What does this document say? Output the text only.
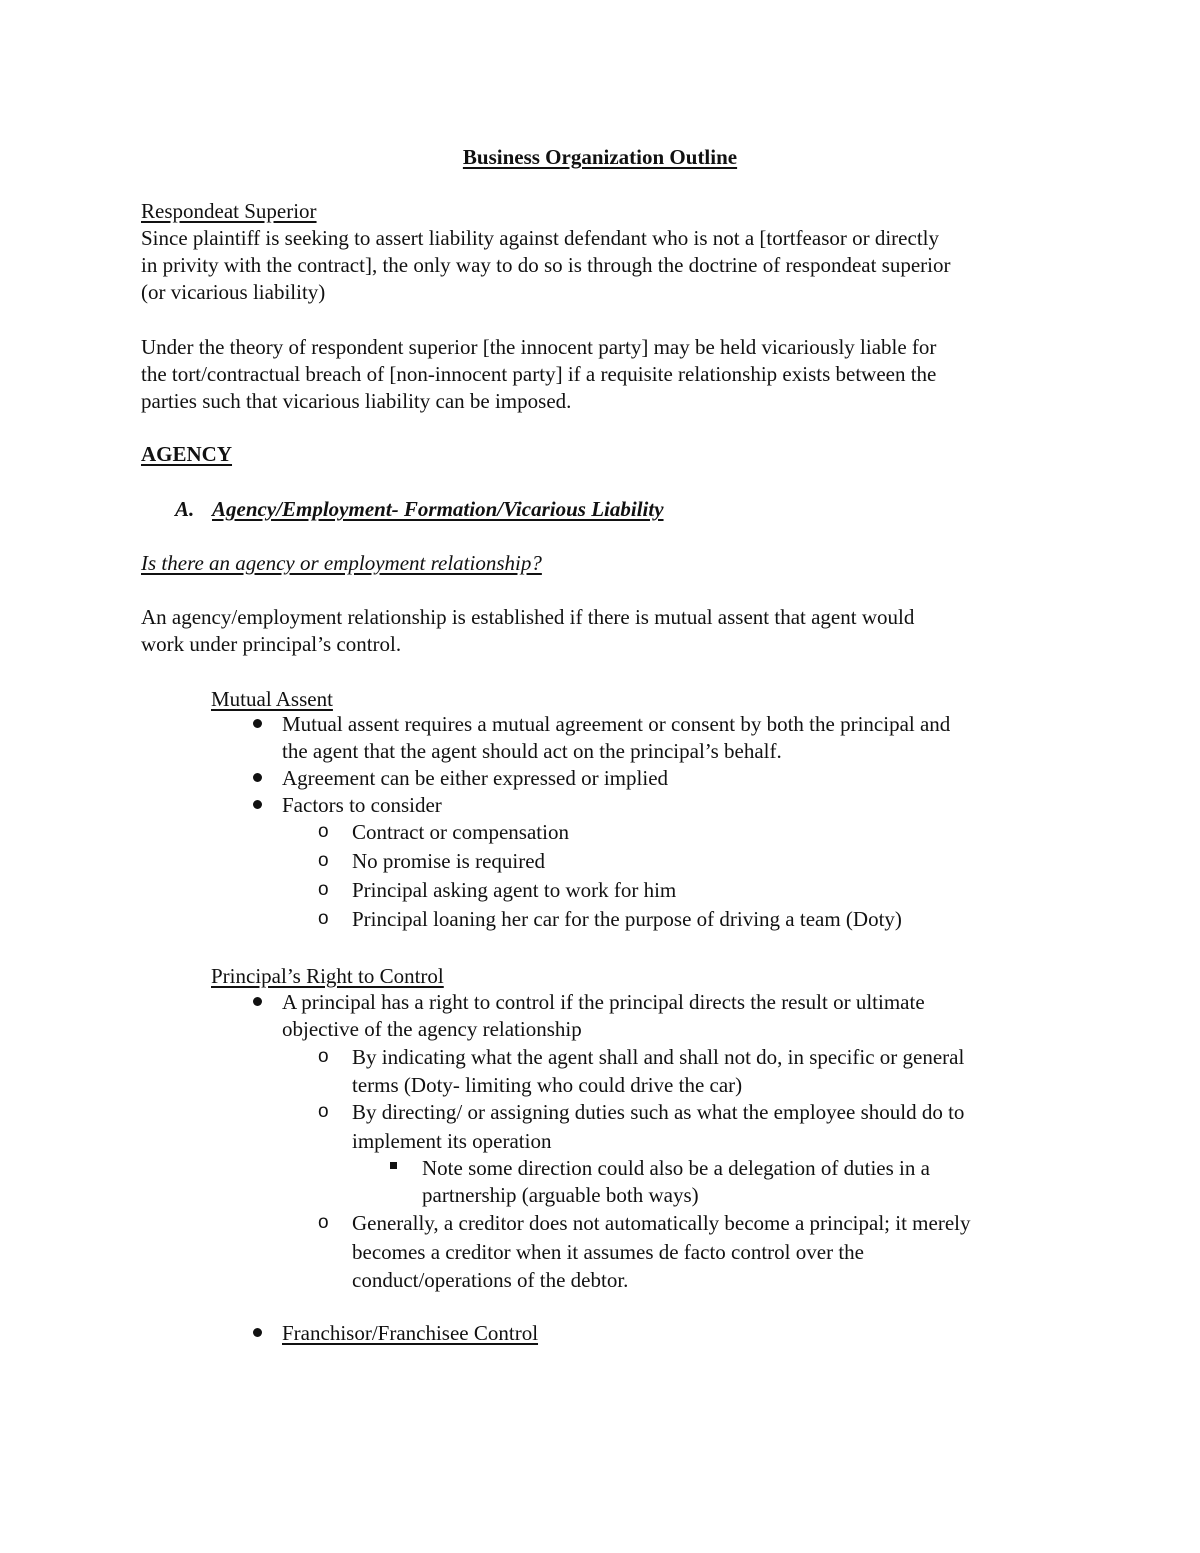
Business Organization Outline
Respondeat Superior
Since plaintiff is seeking to assert liability against defendant who is not a [tortfeasor or directly
in privity with the contract], the only way to do so is through the doctrine of respondeat superior
(or vicarious liability)
Under the theory of respondent superior [the innocent party] may be held vicariously liable for
the tort/contractual breach of [non-innocent party] if a requisite relationship exists between the
parties such that vicarious liability can be imposed.
AGENCY
A. Agency/Employment- Formation/Vicarious Liability
Is there an agency or employment relationship?
An agency/employment relationship is established if there is mutual assent that agent would
work under principal’s control.
Mutual Assent
Mutual assent requires a mutual agreement or consent by both the principal and
the agent that the agent should act on the principal’s behalf.
Agreement can be either expressed or implied
Factors to consider
o Contract or compensation
o No promise is required
o Principal asking agent to work for him
o Principal loaning her car for the purpose of driving a team (Doty)
Principal’s Right to Control
A principal has a right to control if the principal directs the result or ultimate
objective of the agency relationship
o By indicating what the agent shall and shall not do, in specific or general
terms (Doty- limiting who could drive the car)
o By directing/ or assigning duties such as what the employee should do to
implement its operation
Note some direction could also be a delegation of duties in a
partnership (arguable both ways)
o Generally, a creditor does not automatically become a principal; it merely
becomes a creditor when it assumes de facto control over the
conduct/operations of the debtor.
Franchisor/Franchisee Control
